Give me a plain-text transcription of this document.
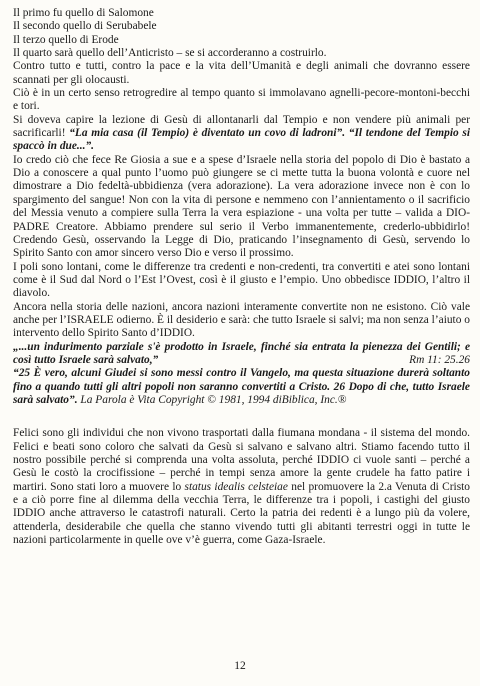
Il primo fu quello di Salomone

Il secondo quello di Serubabele

Il terzo quello di Erode

Il quarto sarà quello dell’Anticristo – se si accorderanno a costruirlo.

Contro tutto e tutti, contro la pace e la vita dell’Umanità e degli animali che dovranno essere scannati per gli olocausti.

Ciò è in un certo senso retrogredire al tempo quanto si immolavano agnelli-pecore-montoni-becchi e tori.

Si doveva capire la lezione di Gesù di allontanarli dal Tempio e non vendere più animali per sacrificarli! “La mia casa (il Tempio) è diventato un covo di ladroni”. “Il tendone del Tempio si spaccò in due...”.

Io credo ciò che fece Re Giosia a sue e a spese d’Israele nella storia del popolo di Dio è bastato a Dio a conoscere a qual punto l’uomo può giungere se ci mette tutta la buona volontà e cuore nel dimostrare a Dio fedeltà-ubbidienza (vera adorazione). La vera adorazione invece non è con lo spargimento del sangue! Non con la vita di persone e nemmeno con l’annientamento o il sacrificio del Messia venuto a compiere sulla Terra la vera espiazione - una volta per tutte – valida a DIO-PADRE Creatore. Abbiamo prendere sul serio il Verbo immanentemente, crederlo-ubbidirlo! Credendo Gesù, osservando la Legge di Dio, praticando l’insegnamento di Gesù, servendo lo Spirito Santo con amor sincero verso Dio e verso il prossimo.

I poli sono lontani, come le differenze tra credenti e non-credenti, tra convertiti e atei sono lontani come è il Sud dal Nord o l’Est l’Ovest, così è il giusto e l’empio. Uno obbedisce IDDIO, l’altro il diavolo.

Ancora nella storia delle nazioni, ancora nazioni interamente convertite non ne esistono. Ciò vale anche per l’ISRAELE odierno. È il desiderio e sarà: che tutto Israele si salvi; ma non senza l’aiuto o intervento dello Spirito Santo d’IDDIO.

„...un indurimento parziale s'è prodotto in Israele, finché sia entrata la pienezza dei Gentili; e così tutto Israele sarà salvato,”	Rm 11: 25.26

“25 È vero, alcuni Giudei si sono messi contro il Vangelo, ma questa situazione durerà soltanto fino a quando tutti gli altri popoli non saranno convertiti a Cristo. 26 Dopo di che, tutto Israele sarà salvato”. La Parola è Vita Copyright © 1981, 1994 diBiblica, Inc.®

Felici sono gli individui che non vivono trasportati dalla fiumana mondana - il sistema del mondo. Felici e beati sono coloro che salvati da Gesù si salvano e salvano altri. Stiamo facendo tutto il nostro possibile perché si comprenda una volta assoluta, perché IDDIO ci vuole santi – perché a Gesù le costò la crocifissione – perché in tempi senza amore la gente crudele ha fatto patire i martiri. Sono stati loro a muovere lo status idealis celsteiae nel promuovere la 2.a Venuta di Cristo e a ciò porre fine al dilemma della vecchia Terra, le differenze tra i popoli, i castighi del giusto IDDIO anche attraverso le catastrofi naturali. Certo la patria dei redenti è a lungo più da volere, attenderla, desiderabile che quella che stanno vivendo tutti gli abitanti terrestri oggi in tutte le nazioni particolarmente in quelle ove v’è guerra, come Gaza-Israele.

12
